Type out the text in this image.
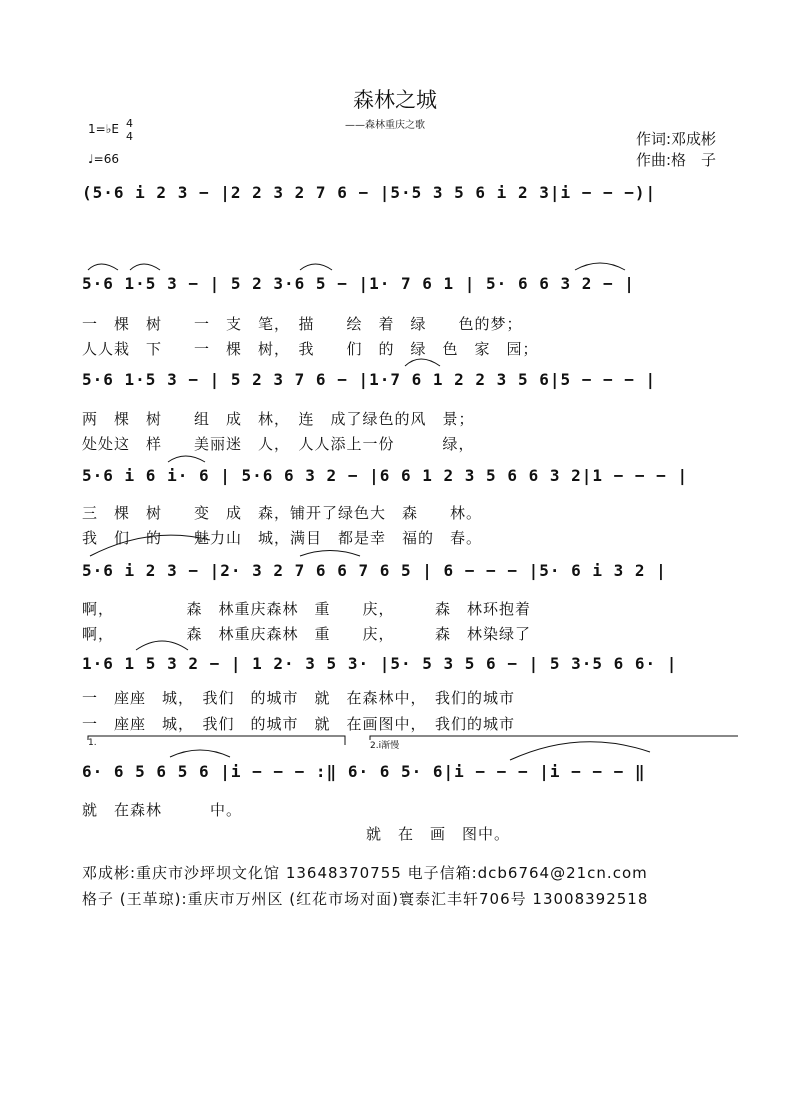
森林之城
——森林重庆之歌
作词:邓成彬
作曲:格　子
1=♭E 4
4
♩=66
(5·6 i 2 3 − |2 2 3 2 7 6 − |5·5 3 5 6 i 2 3|i − − −)|
5·6 1·5 3 − | 5 2 3·6 5 − |1· 7 6 1 | 5· 6 6 3 2 − |
一　棵　树　　一　支　笔，　描　　绘　着　绿　　色的梦；
人人栽　下　　一　棵　树，　我　　们　的　绿　色　家　园；
5·6 1·5 3 − | 5 2 3 7 6 − |1·7 6 1 2 2 3 5 6|5 − − − |
两　棵　树　　组　成　林，　连　成了绿色的风　景；
处处这　样　　美丽迷　人，　人人添上一份　　　绿，
5·6 i 6 i· 6 | 5·6 6 3 2 − |6 6 1 2 3 5 6 6 3 2|1 − − − |
三　棵　树　　变　成　森，铺开了绿色大　森　　林。
我　们　的　　魅力山　城，满目　都是幸　福的　春。
5·6 i 2 3 − |2· 3 2 7 6 6 7 6 5 | 6 − − − |5· 6 i 3 2 |
啊，　　　　　森　林重庆森林　重　　庆，　　　森　林环抱着
啊，　　　　　森　林重庆森林　重　　庆，　　　森　林染绿了
1·6 1 5 3 2 − | 1 2· 3 5 3· |5· 5 3 5 6 − | 5 3·5 6 6· |
一　座座　城，　我们　的城市　就　在森林中，　我们的城市
一　座座　城，　我们　的城市　就　在画图中，　我们的城市
1.	2.i渐慢
6· 6 5 6 5 6 |i − − − :‖ 6· 6 5· 6|i − − − |i − − − ‖
就　在森林　　　中。
就　在　画　图中。
邓成彬:重庆市沙坪坝文化馆 13648370755 电子信箱:dcb6764@21cn.com
格子 (王革琼):重庆市万州区 (红花市场对面)寰泰汇丰轩706号 13008392518
